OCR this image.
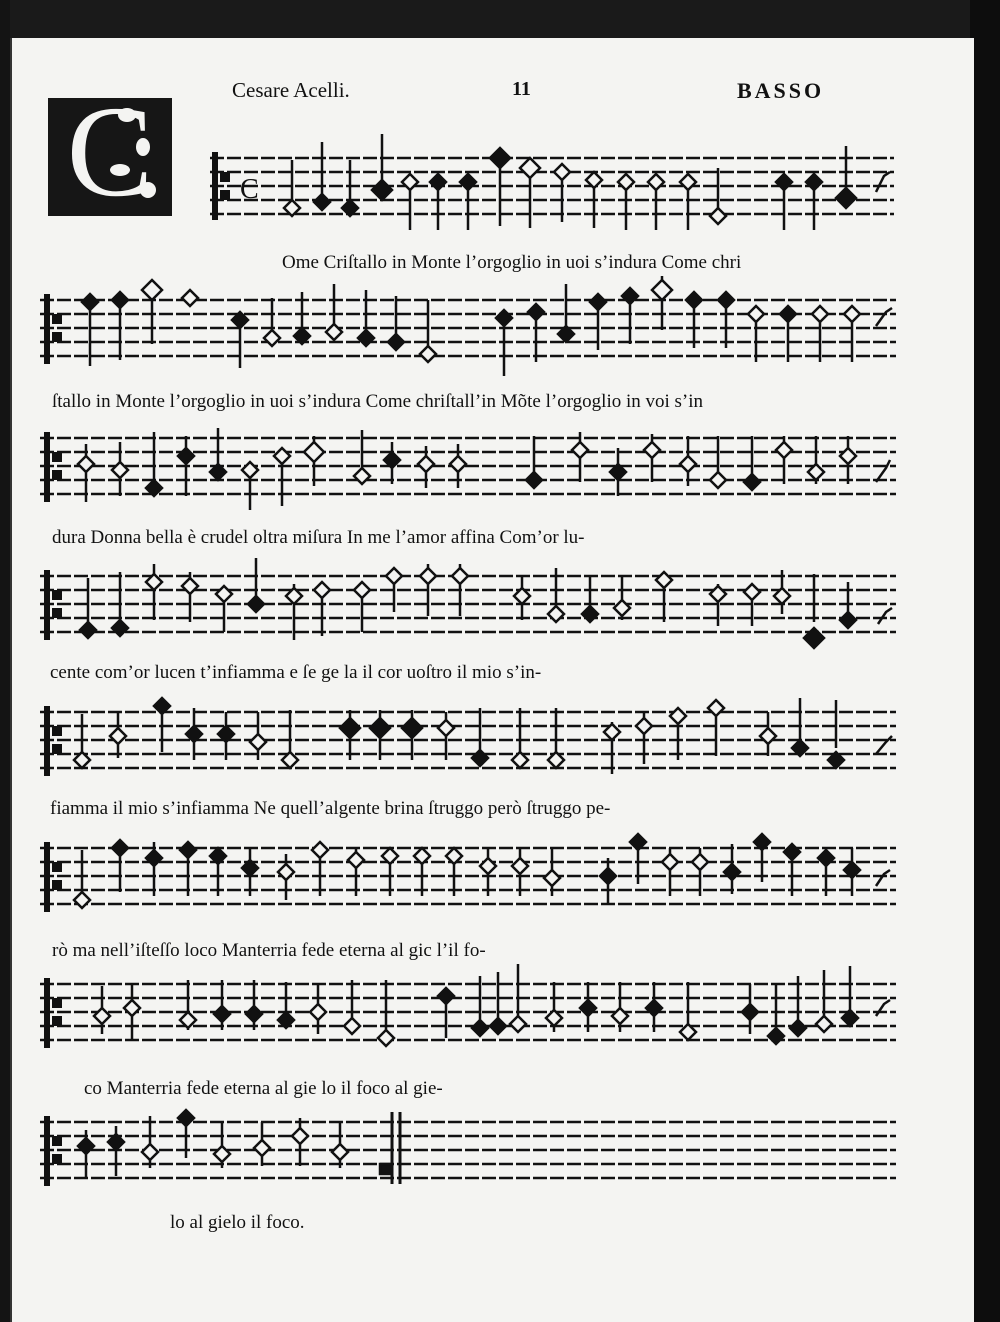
Cesare Acelli.	11	BASSO
C	C
Ome Criſtallo in Monte l’orgoglio in uoi s’indura Come chri
ſtallo in Monte l’orgoglio in uoi s’indura Come chriſtall’in Mõte l’orgoglio in voi s’in
dura Donna bella è crudel oltra miſura In me l’amor affina Com’or lu-
cente com’or lucen t’infiamma e ſe ge la il cor uoſtro il mio s’in-
fiamma il mio s’infiamma Ne quell’algente brina ſtruggo però ſtruggo pe-
rò ma nell’iſteſſo loco Manterria fede eterna al gic l’il fo-
co Manterria fede eterna al gie lo il foco al gie-
lo al gielo il foco.
